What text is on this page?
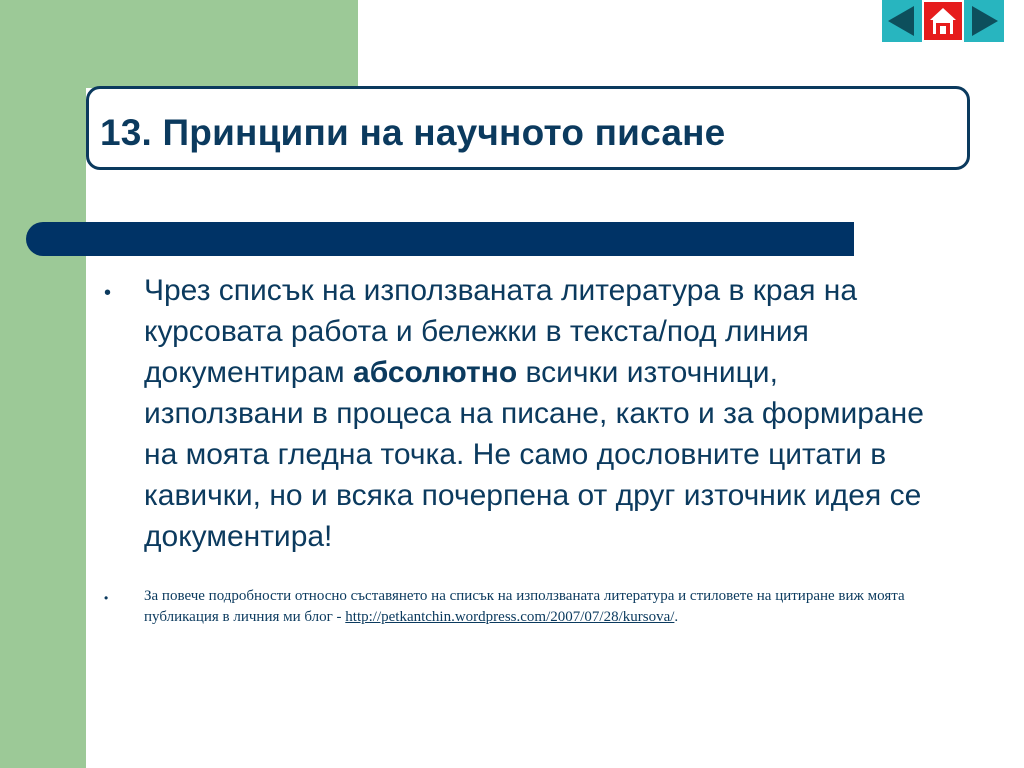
13. Принципи на научното писане
• Чрез списък на използваната литература в края на курсовата работа и бележки в текста/под линия документирам абсолютно всички източници, използвани в процеса на писане, както и за формиране на моята гледна точка. Не само дословните цитати в кавички, но и всяка почерпена от друг източник идея се документира!

• За повече подробности относно съставянето на списък на използваната литература и стиловете на цитиране виж моята публикация в личния ми блог - http://petkantchin.wordpress.com/2007/07/28/kursova/.
